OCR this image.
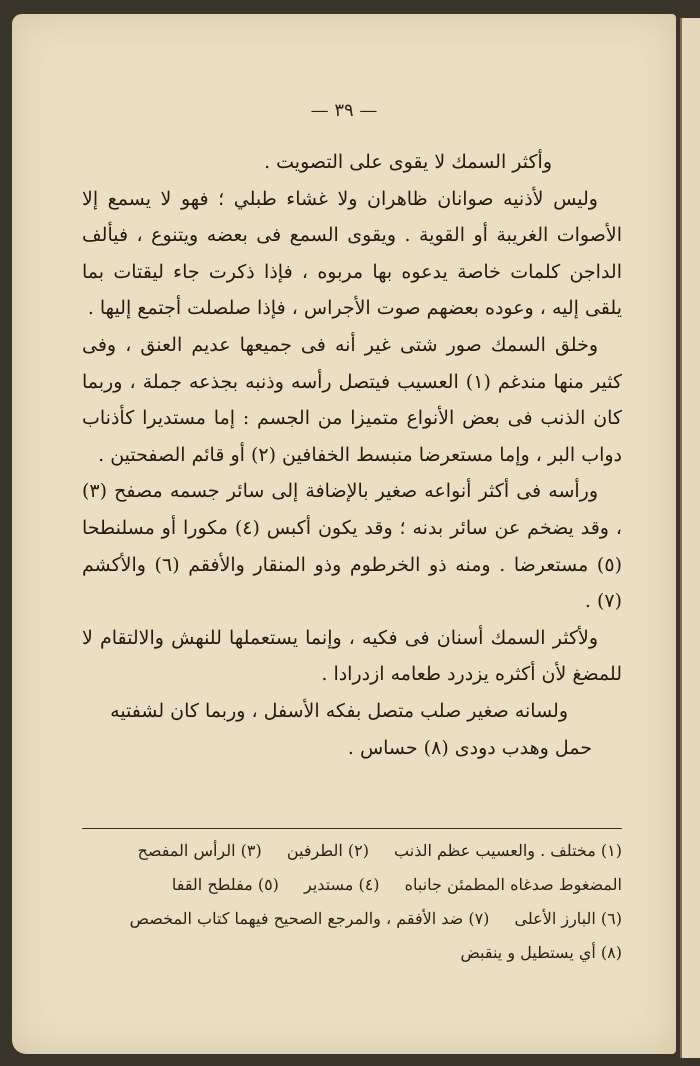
— ٣٩ —

وأكثر السمك لا يقوى على التصويت .

وليس لأذنيه صوانان ظاهران ولا غشاء طبلي ؛ فهو لا يسمع إلا الأصوات الغريبة أو القوية . ويقوى السمع فى بعضه ويتنوع ، فيألف الداجن كلمات خاصة يدعوه بها مربوه ، فإذا ذكرت جاء ليقتات بما يلقى إليه ، وعوده بعضهم صوت الأجراس ، فإذا صلصلت أجتمع إليها .

وخلق السمك صور شتى غير أنه فى جميعها عديم العنق ، وفى كثير منها مندغم (١) العسيب فيتصل رأسه وذنبه بجذعه جملة ، وربما كان الذنب فى بعض الأنواع متميزا من الجسم : إما مستديرا كأذناب دواب البر ، وإما مستعرضا منبسط الخفافين (٢) أو قائم الصفحتين .

ورأسه فى أكثر أنواعه صغير بالإضافة إلى سائر جسمه مصفح (٣) ، وقد يضخم عن سائر بدنه ؛ وقد يكون أكبس (٤) مكورا أو مسلنطحا (٥) مستعرضا . ومنه ذو الخرطوم وذو المنقار والأفقم (٦) والأكشم (٧) .

ولأكثر السمك أسنان فى فكيه ، وإنما يستعملها للنهش والالتقام لا للمضغ لأن أكثره يزدرد طعامه ازدرادا .

ولسانه صغير صلب متصل بفكه الأسفل ، وربما كان لشفتيه حمل وهدب دودى (٨) حساس .

(١) مختلف . والعسيب عظم الذنب (٢) الطرفين (٣) الرأس المفصح
المضغوط صدغاه المطمئن جانباه (٤) مستدير (٥) مفلطح القفا
(٦) البارز الأعلى (٧) ضد الأفقم ، والمرجع الصحيح فيهما كتاب المخصص
(٨) أي يستطيل و ينقبض
